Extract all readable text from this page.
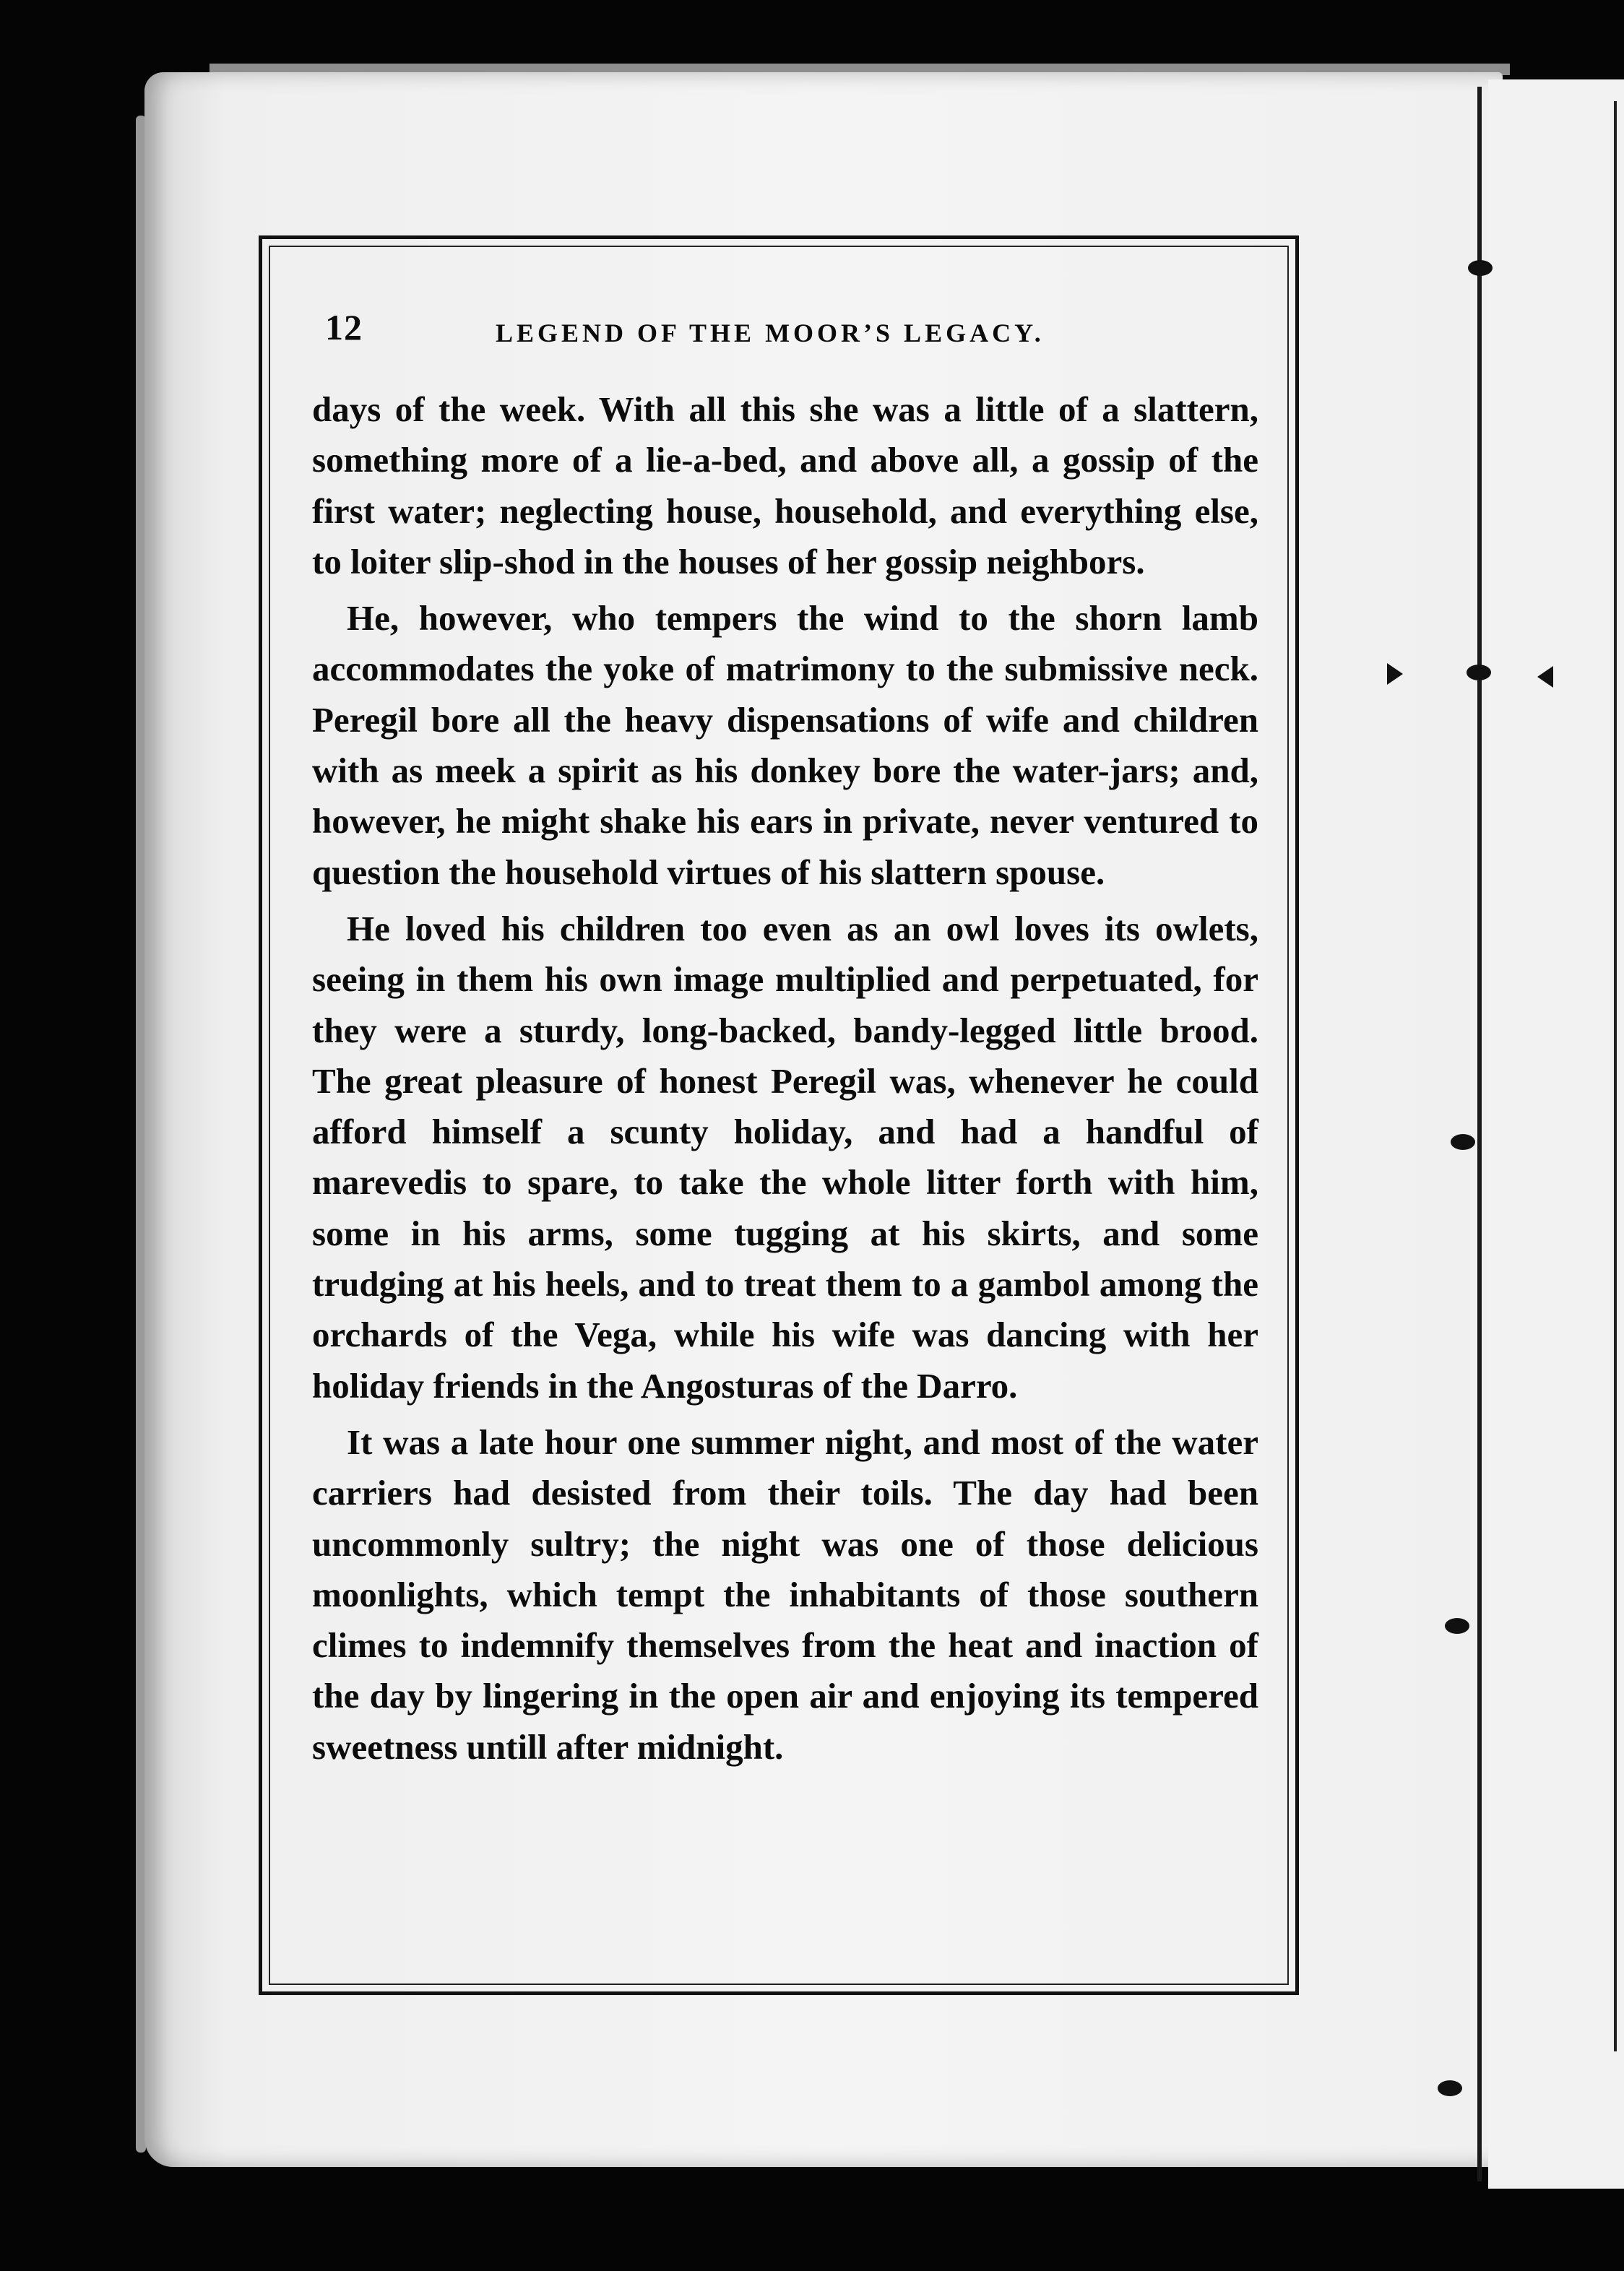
12	LEGEND OF THE MOOR’S LEGACY.

days of the week. With all this she was a little of a slattern, something more of a lie-a-bed, and above all, a gossip of the first water; neglecting house, household, and everything else, to loiter slip-shod in the houses of her gossip neighbors.

He, however, who tempers the wind to the shorn lamb accommodates the yoke of matrimony to the submissive neck. Peregil bore all the heavy dispensations of wife and children with as meek a spirit as his donkey bore the water-jars; and, however, he might shake his ears in private, never ventured to question the household virtues of his slattern spouse.

He loved his children too even as an owl loves its owlets, seeing in them his own image multiplied and perpetuated, for they were a sturdy, long-backed, bandy-legged little brood. The great pleasure of honest Peregil was, whenever he could afford himself a scunty holiday, and had a handful of marevedis to spare, to take the whole litter forth with him, some in his arms, some tugging at his skirts, and some trudging at his heels, and to treat them to a gambol among the orchards of the Vega, while his wife was dancing with her holiday friends in the Angosturas of the Darro.

It was a late hour one summer night, and most of the water carriers had desisted from their toils. The day had been uncommonly sultry; the night was one of those delicious moonlights, which tempt the inhabitants of those southern climes to indemnify themselves from the heat and inaction of the day by lingering in the open air and enjoying its tempered sweetness untill after midnight.
